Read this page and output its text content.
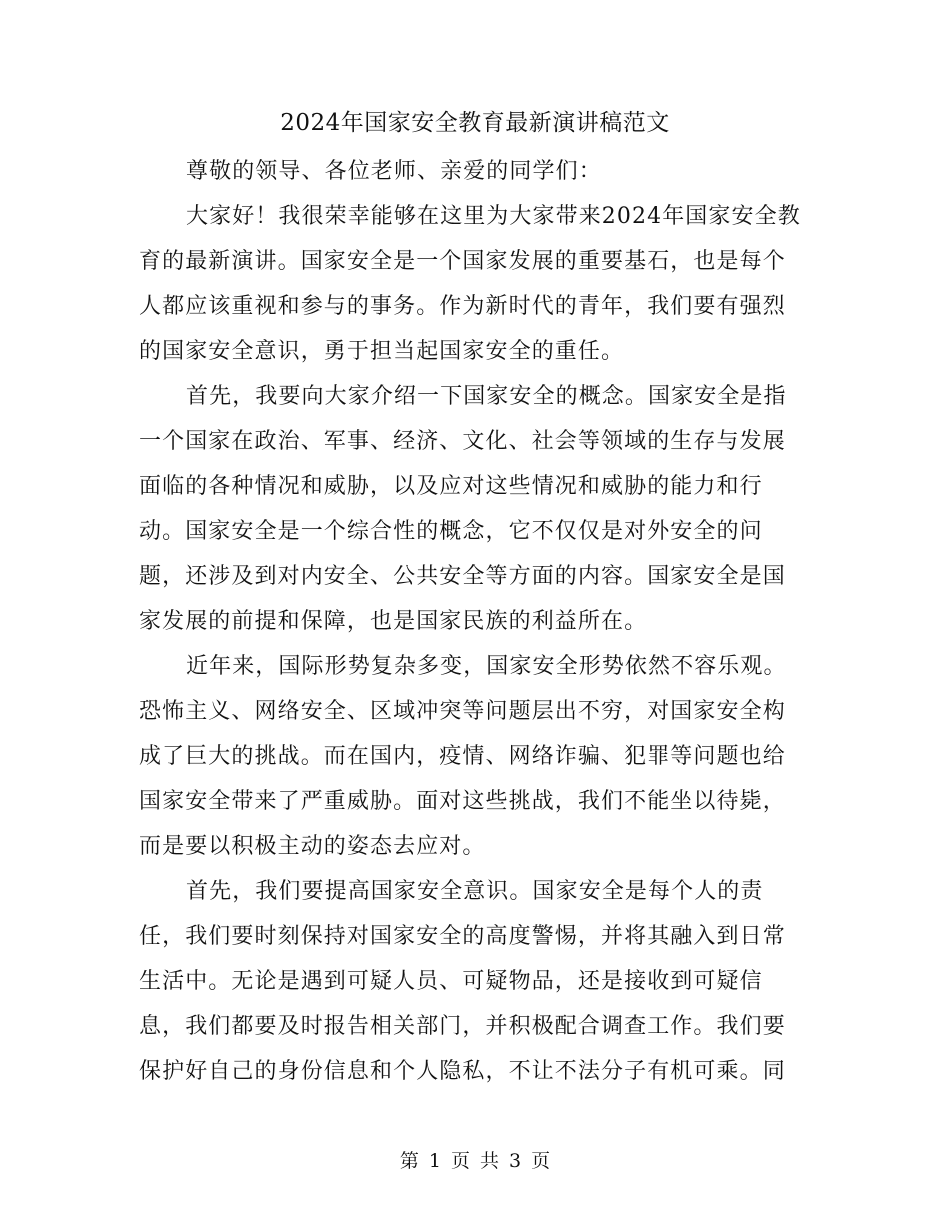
2024年国家安全教育最新演讲稿范文
尊敬的领导、各位老师、亲爱的同学们：
大家好！我很荣幸能够在这里为大家带来2024年国家安全教
育的最新演讲。国家安全是一个国家发展的重要基石，也是每个
人都应该重视和参与的事务。作为新时代的青年，我们要有强烈
的国家安全意识，勇于担当起国家安全的重任。
首先，我要向大家介绍一下国家安全的概念。国家安全是指
一个国家在政治、军事、经济、文化、社会等领域的生存与发展
面临的各种情况和威胁，以及应对这些情况和威胁的能力和行
动。国家安全是一个综合性的概念，它不仅仅是对外安全的问
题，还涉及到对内安全、公共安全等方面的内容。国家安全是国
家发展的前提和保障，也是国家民族的利益所在。
近年来，国际形势复杂多变，国家安全形势依然不容乐观。
恐怖主义、网络安全、区域冲突等问题层出不穷，对国家安全构
成了巨大的挑战。而在国内，疫情、网络诈骗、犯罪等问题也给
国家安全带来了严重威胁。面对这些挑战，我们不能坐以待毙，
而是要以积极主动的姿态去应对。
首先，我们要提高国家安全意识。国家安全是每个人的责
任，我们要时刻保持对国家安全的高度警惕，并将其融入到日常
生活中。无论是遇到可疑人员、可疑物品，还是接收到可疑信
息，我们都要及时报告相关部门，并积极配合调查工作。我们要
保护好自己的身份信息和个人隐私，不让不法分子有机可乘。同
第 1 页 共 3 页
